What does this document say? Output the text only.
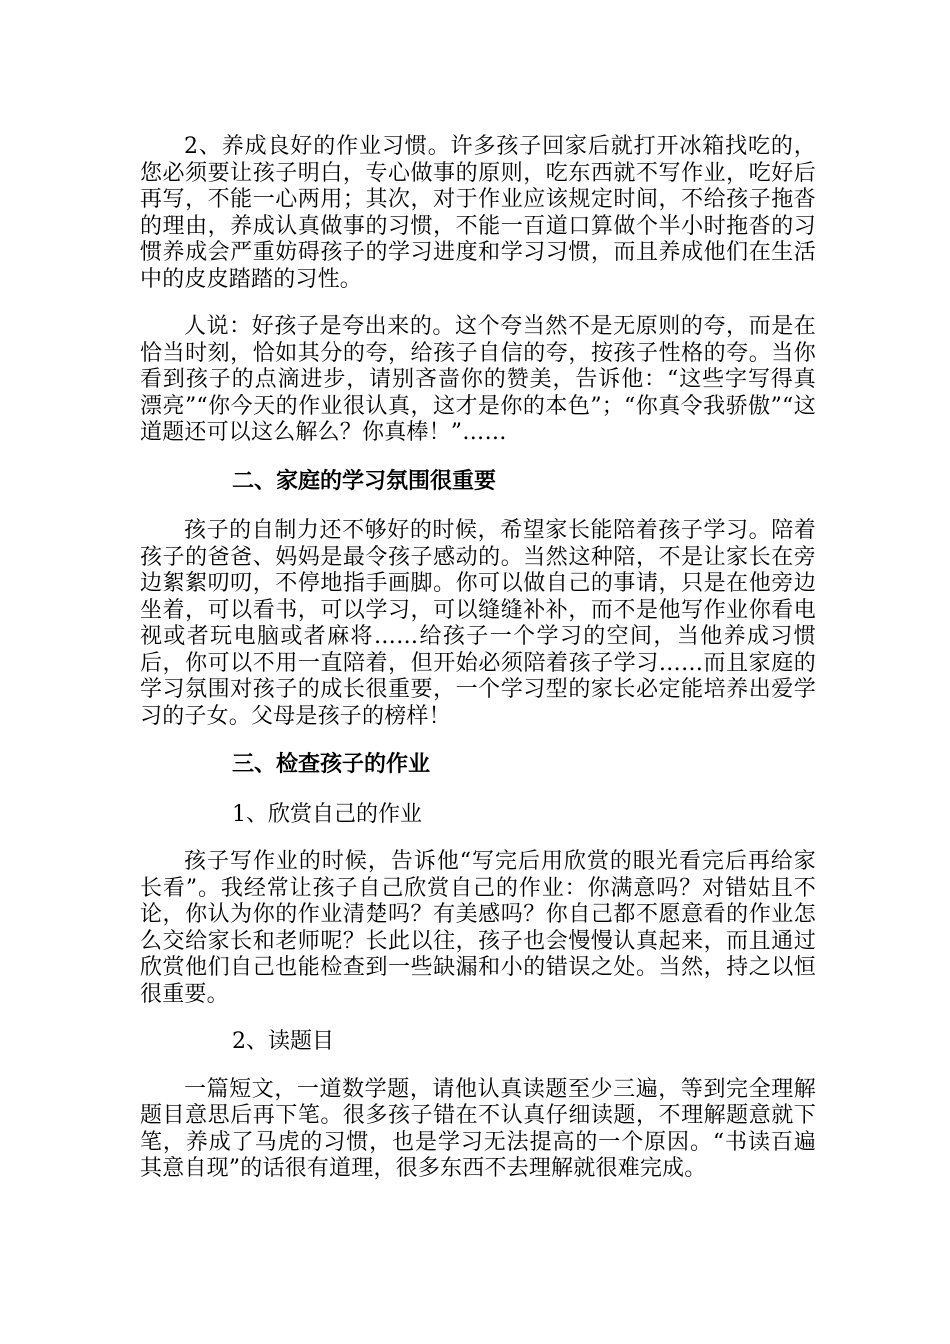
2、养成良好的作业习惯。许多孩子回家后就打开冰箱找吃的，您必须要让孩子明白，专心做事的原则，吃东西就不写作业，吃好后再写，不能一心两用；其次，对于作业应该规定时间，不给孩子拖沓的理由，养成认真做事的习惯，不能一百道口算做个半小时拖沓的习惯养成会严重妨碍孩子的学习进度和学习习惯，而且养成他们在生活中的皮皮踏踏的习性。

人说：好孩子是夸出来的。这个夸当然不是无原则的夸，而是在恰当时刻，恰如其分的夸，给孩子自信的夸，按孩子性格的夸。当你看到孩子的点滴进步，请别吝啬你的赞美，告诉他：“这些字写得真漂亮”“你今天的作业很认真，这才是你的本色”；“你真令我骄傲”“这道题还可以这么解么？你真棒！”……

二、家庭的学习氛围很重要

孩子的自制力还不够好的时候，希望家长能陪着孩子学习。陪着孩子的爸爸、妈妈是最令孩子感动的。当然这种陪，不是让家长在旁边絮絮叨叨，不停地指手画脚。你可以做自己的事请，只是在他旁边坐着，可以看书，可以学习，可以缝缝补补，而不是他写作业你看电视或者玩电脑或者麻将……给孩子一个学习的空间，当他养成习惯后，你可以不用一直陪着，但开始必须陪着孩子学习……而且家庭的学习氛围对孩子的成长很重要，一个学习型的家长必定能培养出爱学习的子女。父母是孩子的榜样！

三、检查孩子的作业

1、欣赏自己的作业

孩子写作业的时候，告诉他“写完后用欣赏的眼光看完后再给家长看”。我经常让孩子自己欣赏自己的作业：你满意吗？对错姑且不论，你认为你的作业清楚吗？有美感吗？你自己都不愿意看的作业怎么交给家长和老师呢？长此以往，孩子也会慢慢认真起来，而且通过欣赏他们自己也能检查到一些缺漏和小的错误之处。当然，持之以恒很重要。

2、读题目

一篇短文，一道数学题，请他认真读题至少三遍，等到完全理解题目意思后再下笔。很多孩子错在不认真仔细读题，不理解题意就下笔，养成了马虎的习惯，也是学习无法提高的一个原因。“书读百遍其意自现”的话很有道理，很多东西不去理解就很难完成。
